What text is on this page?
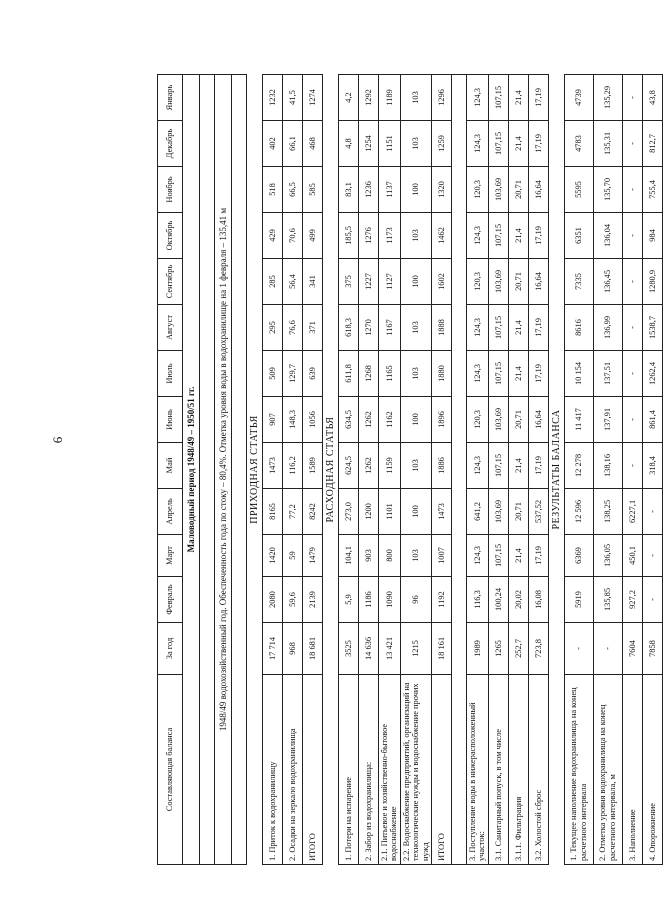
6
Составляющая баланса	За год	Февраль	Март	Апрель	Май	Июнь	Июль	Август	Сентябрь	Октябрь	Ноябрь	Декабрь	Январь
Маловодный период 1948/49 – 1950/51 гг.													

1948/49 водохозяйственный год. Обеспеченность года по стоку – 80,4%. Отметка уровня воды в водохранилище на 1 февраля – 135,41 м													

ПРИХОДНАЯ СТАТЬЯ													
1. Приток к водохранилищу	17 714	2080	1420	8165	1473	907	509	295	285	429	518	402	1232
2. Осадки на зеркало водохранилища	968	59,6	59	77,2	116,2	148,3	129,7	76,6	56,4	70,6	66,5	66,1	41,5
ИТОГО	18 681	2139	1479	8242	1589	1056	639	371	341	499	585	468	1274
РАСХОДНАЯ СТАТЬЯ													
1. Потери на испарение	3525	5,9	104,1	273,0	624,5	634,5	611,8	618,3	375	185,5	83,1	4,8	4,2
2. Забор из водохранилища:	14 636	1186	903	1200	1262	1262	1268	1270	1227	1276	1236	1254	1292
2.1. Питьевое и хозяйственно-бытовое водоснабжение	13 421	1090	800	1101	1159	1162	1165	1167	1127	1173	1137	1151	1189
2.2. Водоснабжение предприятий, организаций на технологические нужды и водоснабжение прочих нужд	1215	96	103	100	103	100	103	103	100	103	100	103	103
ИТОГО	18 161	1192	1007	1473	1886	1896	1880	1888	1602	1462	1320	1259	1296

3. Поступление воды в нижерасположенный участок:	1989	116,3	124,3	641,2	124,3	120,3	124,3	124,3	120,3	124,3	120,3	124,3	124,3
3.1. Санитарный попуск, в том числе	1265	100,24	107,15	103,69	107,15	103,69	107,15	107,15	103,69	107,15	103,69	107,15	107,15
3.1.1. Фильтрация	252,7	20,02	21,4	20,71	21,4	20,71	21,4	21,4	20,71	21,4	20,71	21,4	21,4
3.2. Холостой сброс	723,8	16,08	17,19	537,52	17,19	16,64	17,19	17,19	16,64	17,19	16,64	17,19	17,19
РЕЗУЛЬТАТЫ БАЛАНСА													
1. Текущее наполнение водохранилища на конец расчетного интервала	-	5919	6369	12 596	12 278	11 417	10 154	8616	7335	6351	5595	4783	4739
2. Отметка уровня водохранилища на конец расчетного интервала, м	-	135,85	136,05	138,25	138,16	137,91	137,51	136,99	136,45	136,04	135,70	135,31	135,29
3. Наполнение	7604	927,2	450,1	6227,1	-	-	-	-	-	-	-	-	-
4. Опорожнение	7858	-	-	-	318,4	861,4	1262,4	1538,7	1280,9	984	755,4	812,7	43,8
